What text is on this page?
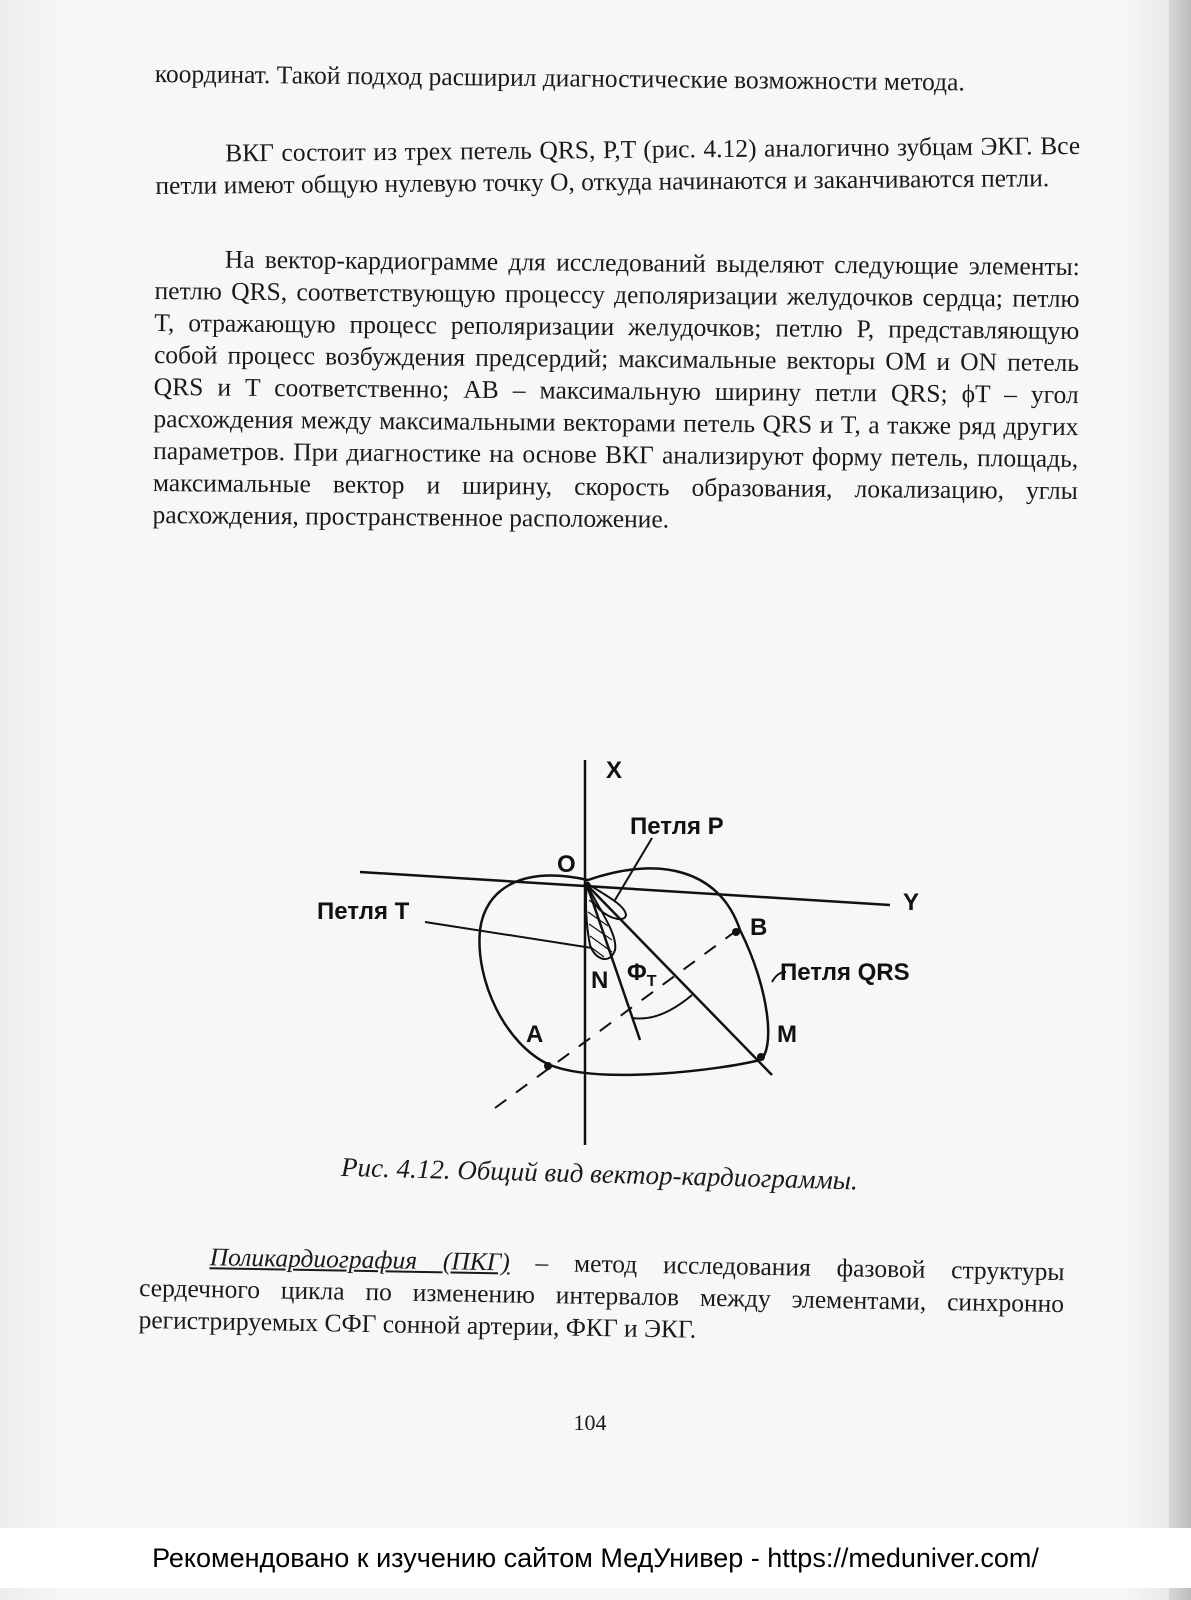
координат. Такой подход расширил диагностические возможности метода.

ВКГ состоит из трех петель QRS, P,T (рис. 4.12) аналогично зубцам ЭКГ. Все петли имеют общую нулевую точку O, откуда начинаются и заканчиваются петли.

На вектор-кардиограмме для исследований выделяют следующие элементы: петлю QRS, соответствующую процессу деполяризации желудочков сердца; петлю T, отражающую процесс реполяризации желудочков; петлю P, представляющую собой процесс возбуждения предсердий; максимальные векторы OM и ON петель QRS и T соответственно; AB – максимальную ширину петли QRS; ϕT – угол расхождения между максимальными векторами петель QRS и T, а также ряд других параметров. При диагностике на основе ВКГ анализируют форму петель, площадь, максимальные вектор и ширину, скорость образования, локализацию, углы расхождения, пространственное расположение.

X
Y
O
Петля P
Петля T
Петля QRS
B
A
N
M
$\Phi_T$
Рис. 4.12. Общий вид вектор-кардиограммы.

Поликардиография (ПКГ) – метод исследования фазовой структуры сердечного цикла по изменению интервалов между элементами, синхронно регистрируемых СФГ сонной артерии, ФКГ и ЭКГ.

104
Рекомендовано к изучению сайтом МедУнивер - https://meduniver.com/
